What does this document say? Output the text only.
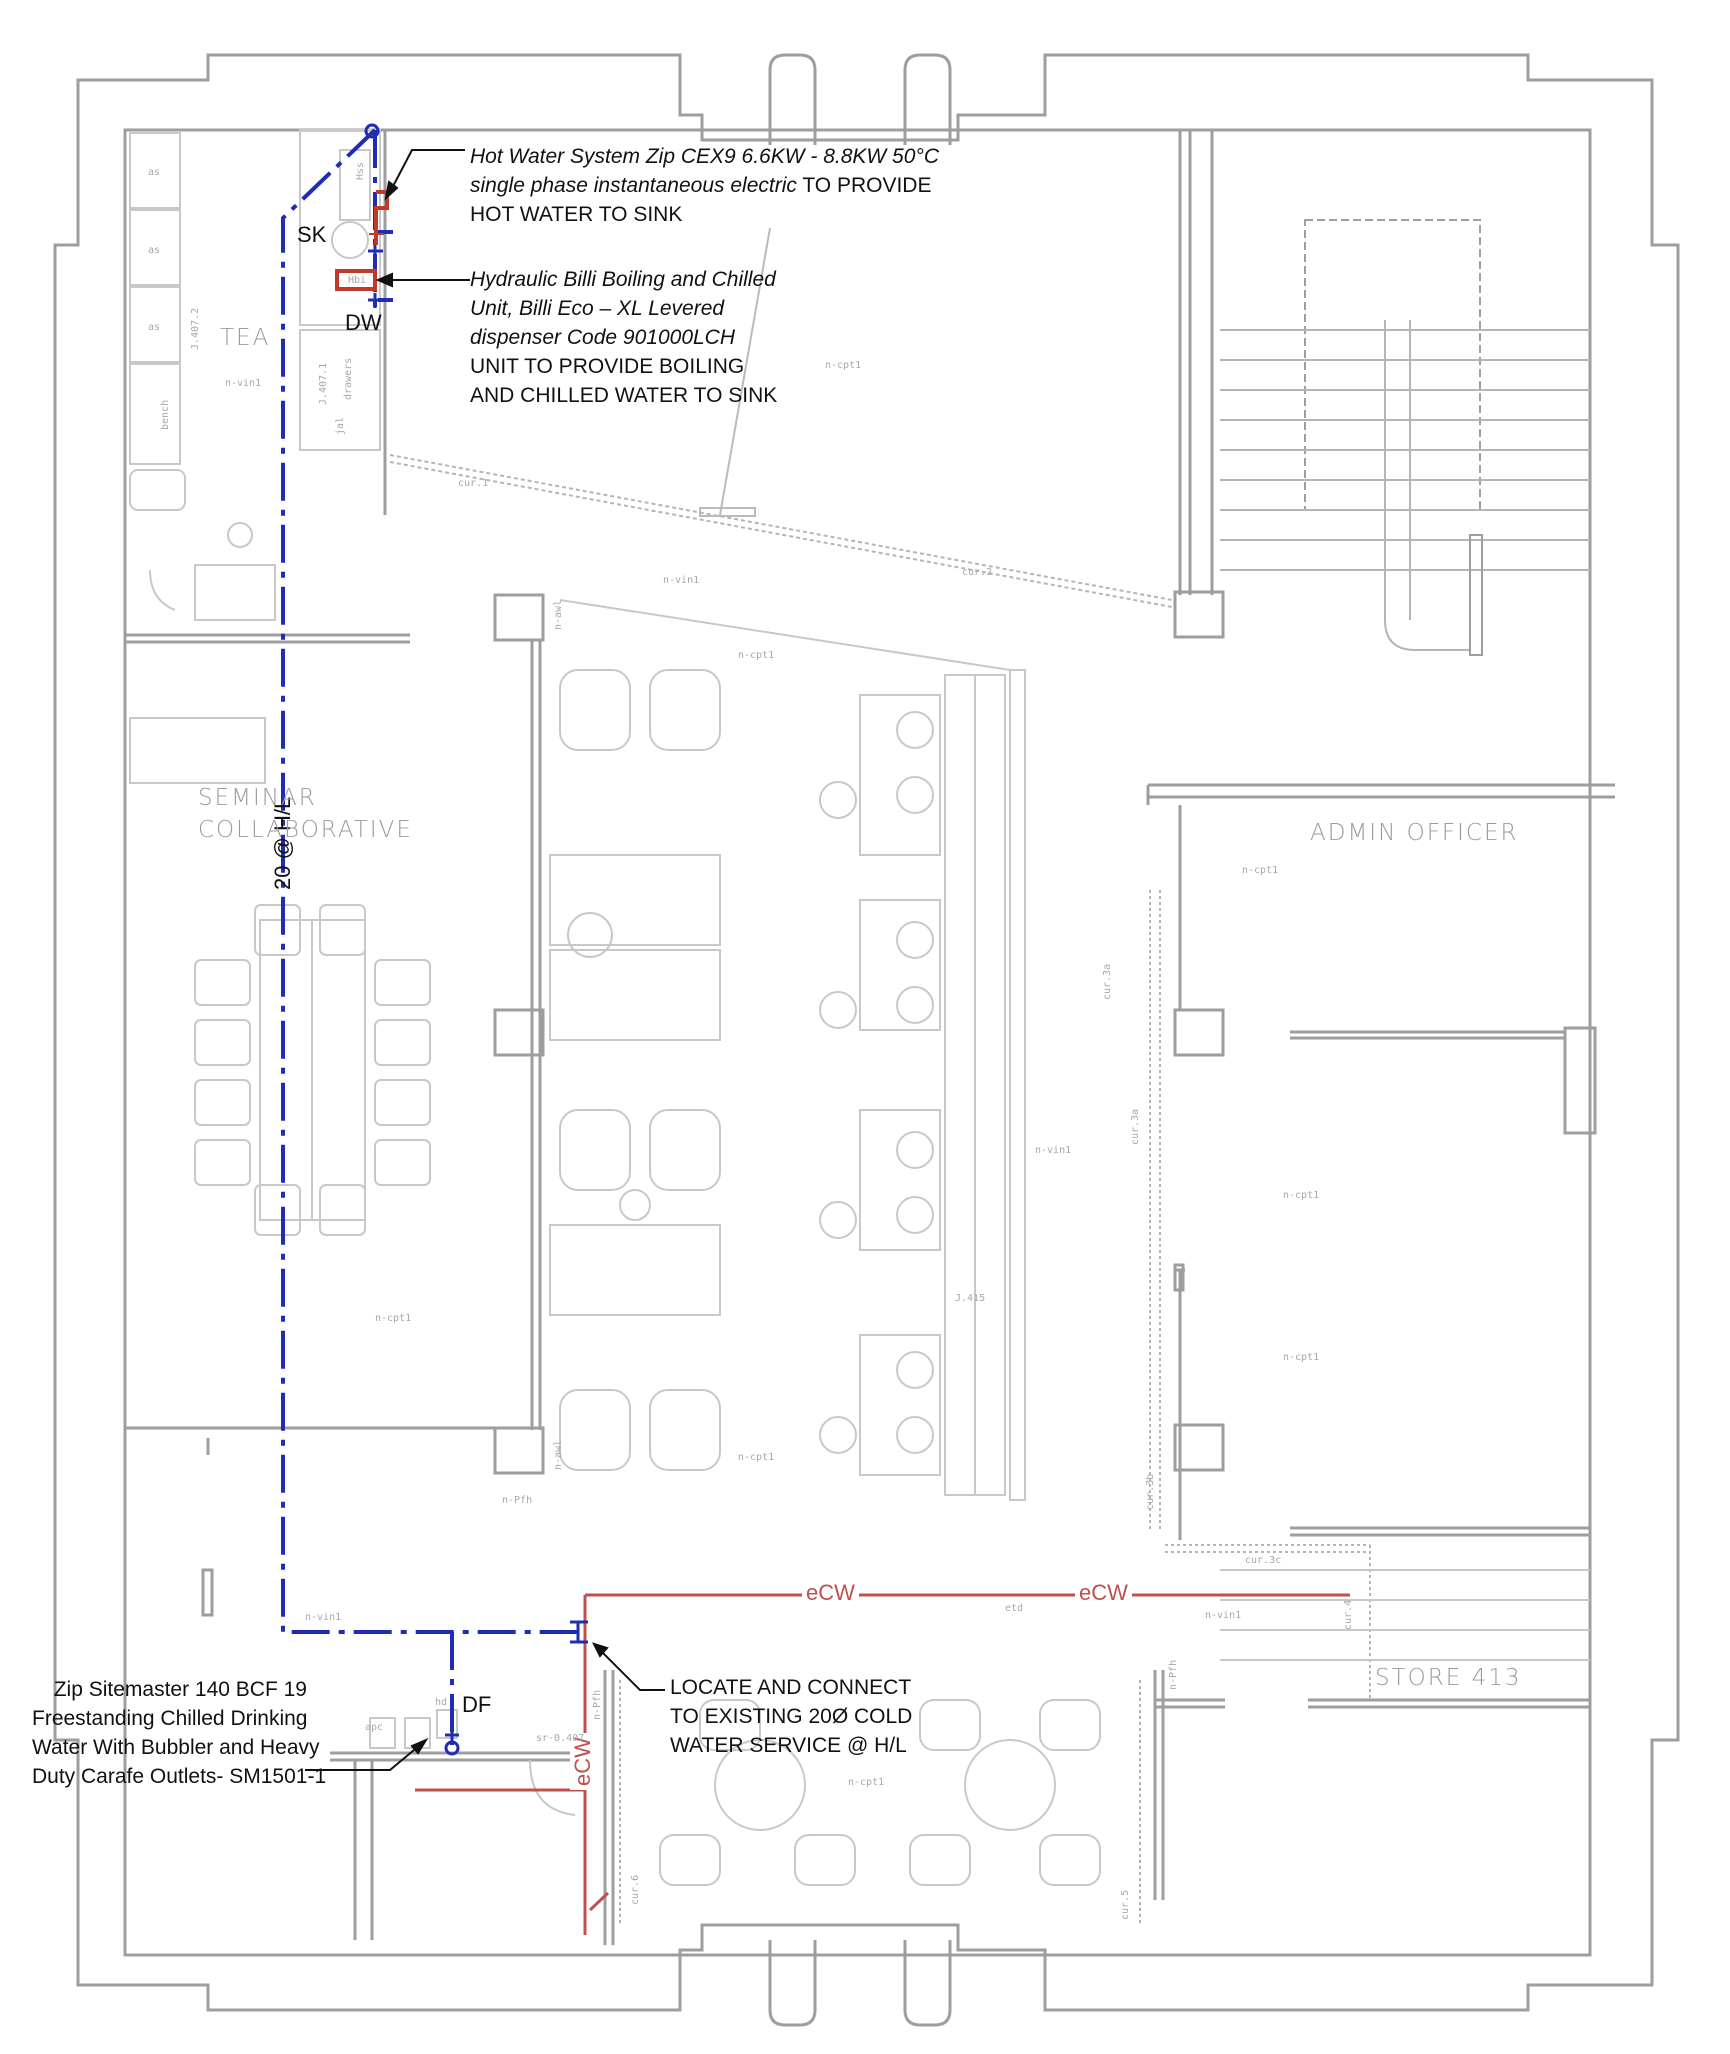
Hot Water System Zip CEX9 6.6KW - 8.8KW 50°C
single phase instantaneous electric TO PROVIDE
HOT WATER TO SINK
Hydraulic Billi Boiling and Chilled
Unit, Billi Eco – XL Levered
dispenser Code 901000LCH
UNIT TO PROVIDE BOILING
AND CHILLED WATER TO SINK
LOCATE AND CONNECT
TO EXISTING 20Ø COLD
WATER SERVICE @ H/L
Zip Sitemaster 140 BCF 19
Freestanding Chilled Drinking
Water With Bubbler and Heavy
Duty Carafe Outlets- SM1501-1
SK
DW
DF
20 @ H/L
eCW	eCW
eCW
TEA
SEMINAR
COLLABORATIVE	ADMIN OFFICER
STORE 413
n-vin1
n-cpt1
n-vin1
n-cpt1
n-cpt1
n-vin1
n-cpt1
n-cpt1
n-cpt1
n-cpt1
n-Pfh
n-vin1	n-vin1
n-cpt1
sr-0.407
etd
cur.1
cur.2
cur.3c
J.415
apc
hd
as
as
as
Hbi
cur.3a
cur.3a
cur.3b
cur.4
cur.5
cur.6
n-Pfh
n-Pfh
n-awl
n-awl
J.407.2
J.407.1
bench
drawers
Hss
jal
